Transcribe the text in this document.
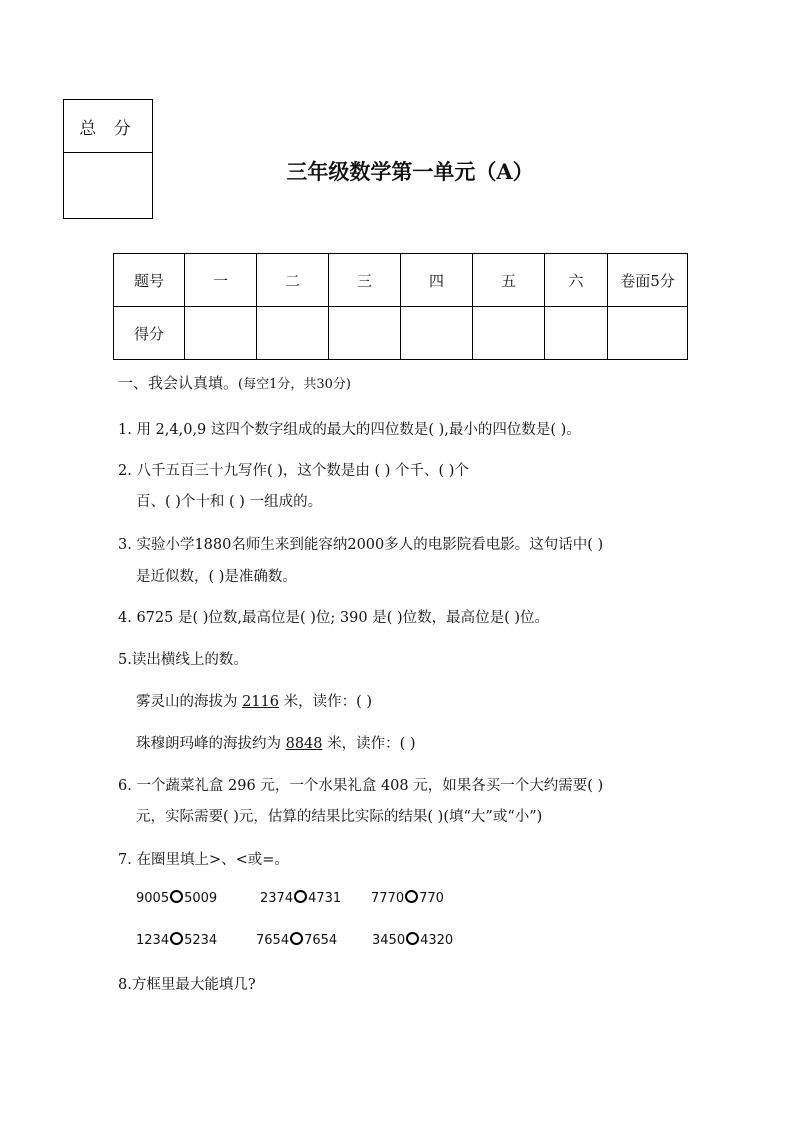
总 分
三年级数学第一单元（A）
题号	一	二	三	四	五	六	卷面5分
得分							
一、我会认真填。(每空1分，共30分)
1. 用 2,4,0,9 这四个数字组成的最大的四位数是( ),最小的四位数是( )。
2. 八千五百三十九写作( )，这个数是由 ( ) 个千、( )个
百、( )个十和 ( ) 一组成的。
3. 实验小学1880名师生来到能容纳2000多人的电影院看电影。这句话中( )
是近似数，( )是准确数。
4. 6725 是( )位数,最高位是( )位; 390 是( )位数，最高位是( )位。
5.读出横线上的数。
雾灵山的海拔为 2116 米，读作：( )
珠穆朗玛峰的海拔约为 8848 米，读作：( )
6. 一个蔬菜礼盒 296 元，一个水果礼盒 408 元，如果各买一个大约需要( )
元，实际需要( )元，估算的结果比实际的结果( )(填“大”或“小”)
7. 在圈里填上>、<或=。
9005 5009	2374 4731 7770 770
1234 5234	7654 7654	3450 4320
8.方框里最大能填几?
